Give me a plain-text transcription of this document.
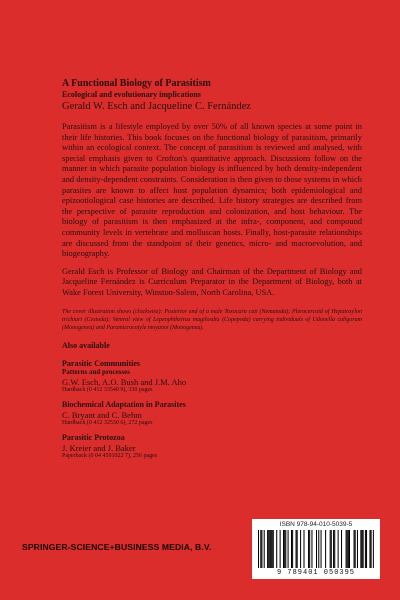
A Functional Biology of Parasitism

Ecological and evolutionary implications

Gerald W. Esch and Jacqueline C. Fernández

Parasitism is a lifestyle employed by over 50% of all known species at some point in their life histories. This book focuses on the functional biology of parasitism, primarily within an ecological context. The concept of parasitism is reviewed and analysed, with special emphasis given to Crofton's quantitative approach. Discussions follow on the manner in which parasite population biology is influenced by both density-independent and density-dependent constraints. Consideration is then given to those systems in which parasites are known to affect host population dynamics; both epidemiological and epizootiological case histories are described. Life history strategies are described from the perspective of parasite reproduction and colonization, and host behaviour. The biology of parasitism is then emphasized at the infra-, component, and compound community levels in vertebrate and molluscan hosts. Finally, host-parasite relationships are discussed from the standpoint of their genetics, micro- and macroevolution, and biogeography.

Gerald Esch is Professor of Biology and Chairman of the Department of Biology and Jacqueline Fernández is Curriculum Preparator in the Department of Biology, both at Wake Forest University, Winston-Salem, North Carolina, USA.

The cover illustration shows (clockwise): Posterior end of a male Toxocara cati (Nematoda); Plerocercoid of Hepatoxylon trichiuri (Cestoda); Ventral view of Lepeophtheirus magilosdia (Copepoda) carrying individuals of Udonella caligorum (Monogenea) and Paramicrocotyle moyanoi (Monogenea).

Also available

Parasitic Communities
Patterns and processes
G.W. Esch, A.O. Bush and J.M. Aho
Hardback (0 412 33540 9), 330 pages
Biochemical Adaptation in Parasites
C. Bryant and C. Behm
Hardback (0 412 32530 6), 272 pages
Parasitic Protozoa
J. Kreier and J. Baker
Paperback (0 04 4591022 7), 256 pages
SPRINGER-SCIENCE+BUSINESS MEDIA, B.V.
ISBN 978-94-010-5039-5
9 789401 050395
